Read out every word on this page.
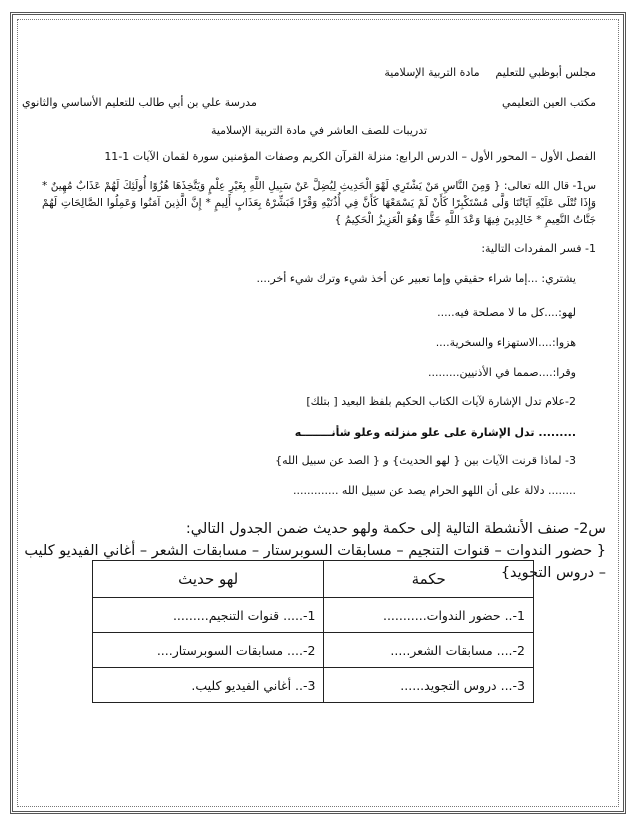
مجلس أبوظبي للتعليم
مادة التربية الإسلامية
مكتب العين التعليمي
مدرسة علي بن أبي طالب للتعليم الأساسي والثانوي
تدريبات للصف العاشر في مادة التربية الإسلامية
الفصل الأول – المحور الأول – الدرس الرابع: منزلة القرآن الكريم وصفات المؤمنين سورة لقمان الآيات 1-11
س1- قال الله تعالى: { وَمِنَ النَّاسِ مَنْ يَشْتَرِي لَهْوَ الْحَدِيثِ لِيُضِلَّ عَنْ سَبِيلِ اللَّهِ بِغَيْرِ عِلْمٍ وَيَتَّخِذَهَا هُزُوًا أُولَئِكَ لَهُمْ عَذَابٌ مُهِينٌ * وَإِذَا تُتْلَى عَلَيْهِ آيَاتُنَا وَلَّى مُسْتَكْبِرًا كَأَنْ لَمْ يَسْمَعْهَا كَأَنَّ فِي أُذُنَيْهِ وَقْرًا فَبَشِّرْهُ بِعَذَابٍ أَلِيمٍ * إِنَّ الَّذِينَ آمَنُوا وَعَمِلُوا الصَّالِحَاتِ لَهُمْ جَنَّاتُ النَّعِيمِ * خَالِدِينَ فِيهَا وَعْدَ اللَّهِ حَقًّا وَهُوَ الْعَزِيزُ الْحَكِيمُ }
1- فسر المفردات التالية:
يشتري: ...إما شراء حقيقي وإما تعبير عن أخذ شيء وترك شيء أخر....
لهو:....كل ما لا مصلحة فيه.....
هزوا:....الاستهزاء والسخرية....
وقرا:....صمما في الأذنيين.........
2-علام تدل الإشارة لآيات الكتاب الحكيم بلفظ البعيد [ بتلك]
......... تدل الإشارة على علو منزلته وعلو شأنــــــــه
3- لماذا قرنت الآيات بين { لهو الحديث} و { الصد عن سبيل الله}
........ دلالة على أن اللهو الحرام يصد عن سبيل الله .............
س2- صنف الأنشطة التالية إلى حكمة ولهو حديث ضمن الجدول التالي:
{ حضور الندوات – قنوات التنجيم – مسابقات السوبرستار – مسابقات الشعر – أغاني الفيديو كليب – دروس التجويد}
حكمة	لهو حديث
1-.. حضور الندوات...........	1-..... قنوات التنجيم.........
2-.... مسابقات الشعر.....	2-.... مسابقات السوبرستار....
3-... دروس التجويد......	3-.. أغاني الفيديو كليب.
